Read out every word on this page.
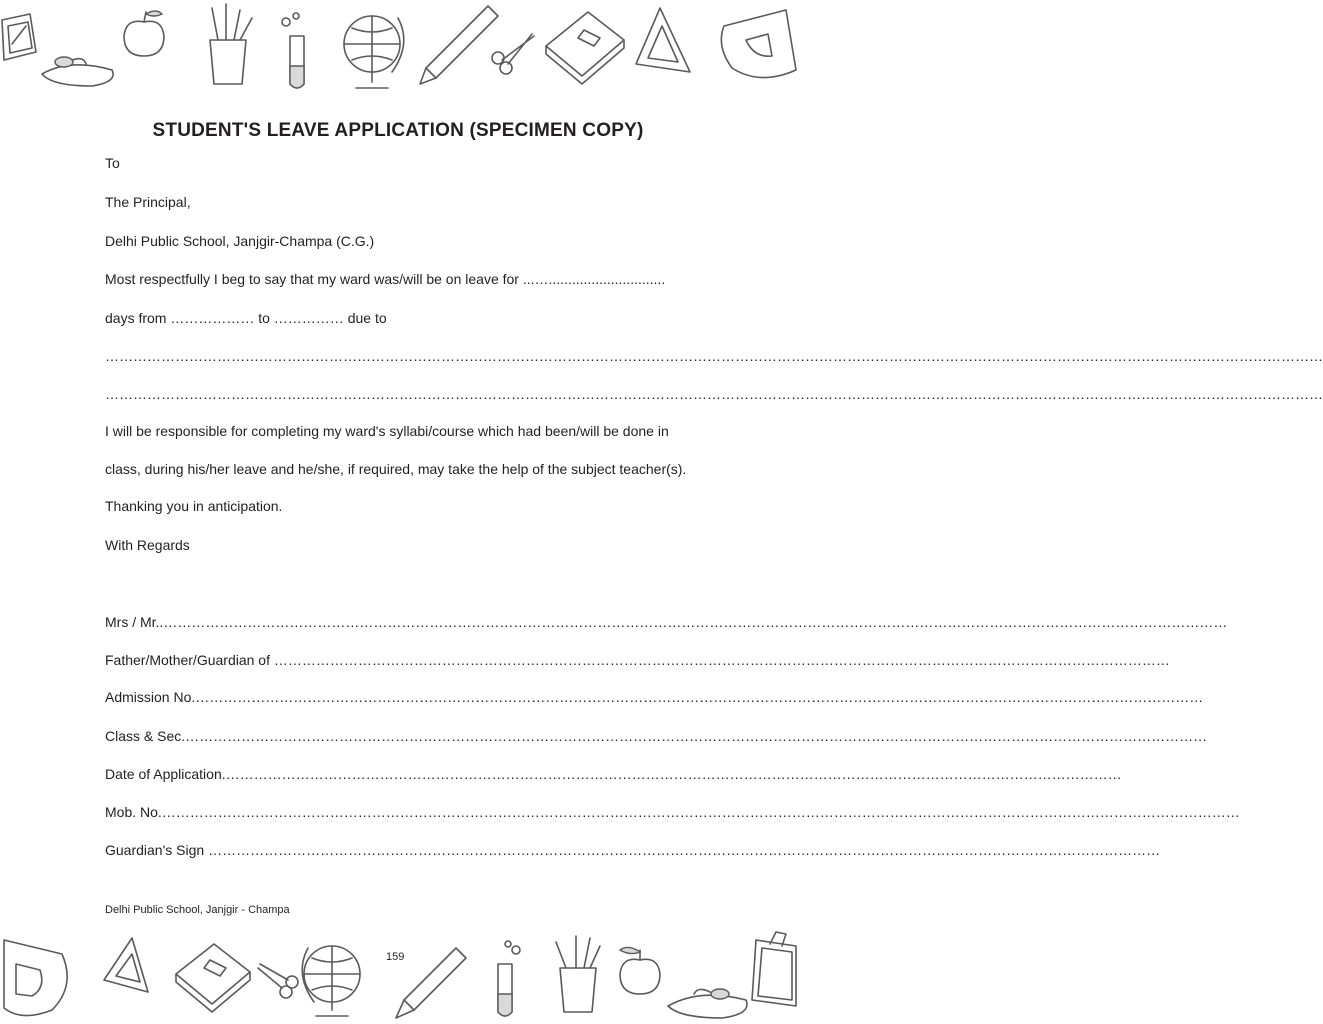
STUDENT'S LEAVE APPLICATION (SPECIMEN COPY)
To
The Principal,
Delhi Public School, Janjgir-Champa (C.G.)
Most respectfully I beg to say that my ward was/will be on leave for ...…..............................
days from ……………… to …………… due to
………………………………………………………………………………………………………………………………………………………………………………………………………………………………………
………………………………………………………………………………………………………………………………………………………………………………………………………………………………………
I will be responsible for completing my ward's syllabi/course which had been/will be done in
class, during his/her leave and he/she, if required, may take the help of the subject teacher(s).
Thanking you in anticipation.
With Regards
Mrs / Mr..…………………………………………………………………………………………………………………………………………………………………………………………………………
Father/Mother/Guardian of …………………………………………………………………………………………………………………………………………………………………………
Admission No.………………………………………………………………………………………………………………………………………………………………………………………………
Class & Sec.…………………………………………………………………………………………………………………………………………………………………………………………………
Date of Application.…………………………………………………………………………………………………………………………………………………………………………
Mob. No.……………………………………………………………………………………………………………………………………………………………………………………………………………
Guardian's Sign ……………………………………………………………………………………………………………………………………………………………………………………
Delhi Public School, Janjgir - Champa
159
